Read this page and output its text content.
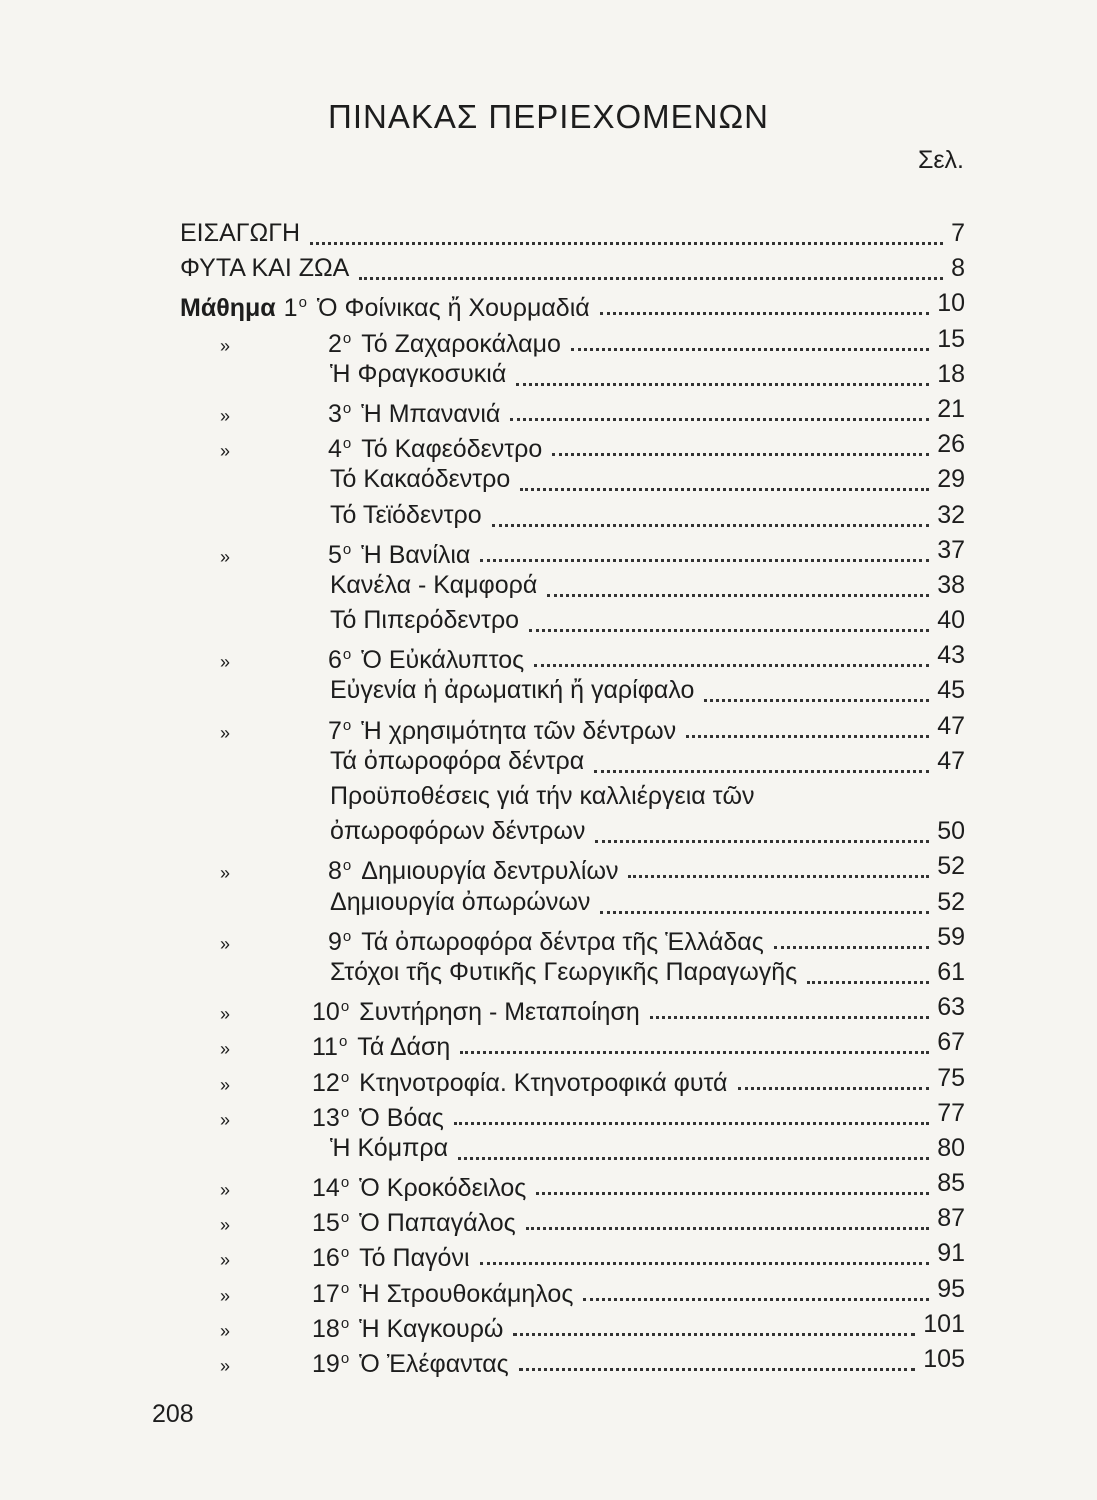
ΠΙΝΑΚΑΣ ΠΕΡΙΕΧΟΜΕΝΩΝ
Σελ.
ΕΙΣΑΓΩΓΗ	7
ΦΥΤΑ ΚΑΙ ΖΩΑ	8
Μάθημα $1^o$ Ὁ Φοίνικας ἤ Χουρμαδιά	10
»	$2^o$ Τό Ζαχαροκάλαμο	15
Ἡ Φραγκοσυκιά	18
»	$3^o$ Ἡ Μπανανιά	21
»	$4^o$ Τό Καφεόδεντρο	26
Τό Κακαόδεντρο	29
Τό Τεϊόδεντρο	32
»	$5^o$ Ἡ Βανίλια	37
Κανέλα - Καμφορά	38
Τό Πιπερόδεντρο	40
»	$6^o$ Ὁ Εὐκάλυπτος	43
Εὐγενία ἡ ἀρωματική ἤ γαρίφαλο	45
»	$7^o$ Ἡ χρησιμότητα τῶν δέντρων	47
Τά ὀπωροφόρα δέντρα	47
Προϋποθέσεις γιά τήν καλλιέργεια τῶν
ὀπωροφόρων δέντρων	50
»	$8^o$ Δημιουργία δεντρυλίων	52
Δημιουργία ὀπωρώνων	52
»	$9^o$ Τά ὀπωροφόρα δέντρα τῆς Ἑλλάδας	59
Στόχοι τῆς Φυτικῆς Γεωργικῆς Παραγωγῆς	61
»	$10^o$ Συντήρηση - Μεταποίηση	63
»	$11^o$ Τά Δάση	67
»	$12^o$ Κτηνοτροφία. Κτηνοτροφικά φυτά	75
»	$13^o$ Ὁ Βόας	77
Ἡ Κόμπρα	80
»	$14^o$ Ὁ Κροκόδειλος	85
»	$15^o$ Ὁ Παπαγάλος	87
»	$16^o$ Τό Παγόνι	91
»	$17^o$ Ἡ Στρουθοκάμηλος	95
»	$18^o$ Ἡ Καγκουρώ	101
»	$19^o$ Ὁ Ἐλέφαντας	105
208
